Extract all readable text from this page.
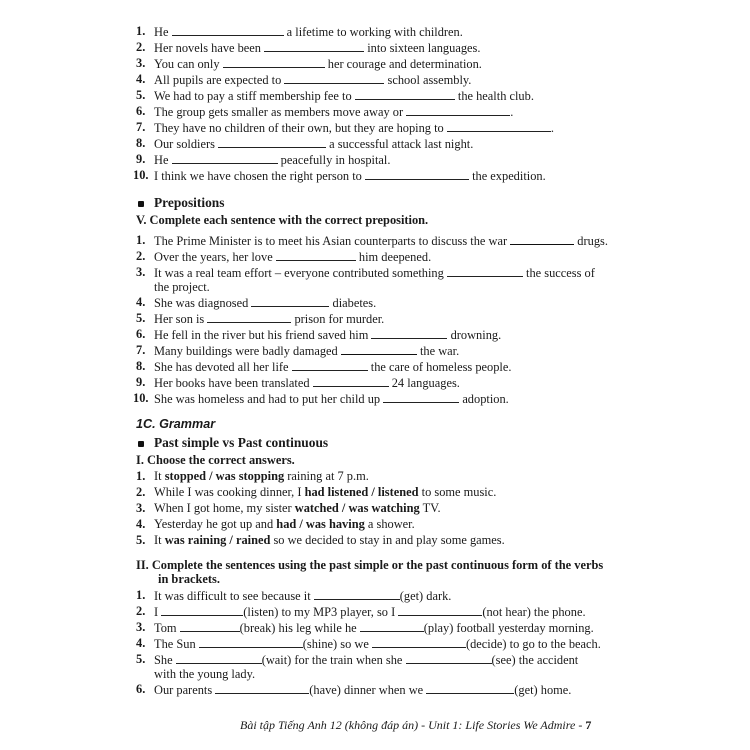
1. He	a lifetime to working with children.
2. Her novels have been	into sixteen languages.
3. You can only	her courage and determination.
4. All pupils are expected to	school assembly.
5. We had to pay a stiff membership fee to	the health club.
6. The group gets smaller as members move away or	.
7. They have no children of their own, but they are hoping to	.
8. Our soldiers	a successful attack last night.
9. He	peacefully in hospital.
10. I think we have chosen the right person to	the expedition.
Prepositions
V. Complete each sentence with the correct preposition.
1. The Prime Minister is to meet his Asian counterparts to discuss the war	drugs.
2. Over the years, her love	him deepened.
3. It was a real team effort – everyone contributed something	the success of
the project.
4. She was diagnosed	diabetes.
5. Her son is	prison for murder.
6. He fell in the river but his friend saved him	drowning.
7. Many buildings were badly damaged	the war.
8. She has devoted all her life	the care of homeless people.
9. Her books have been translated	24 languages.
10. She was homeless and had to put her child up	adoption.
1C. Grammar
Past simple vs Past continuous
I. Choose the correct answers.
1. It stopped / was stopping raining at 7 p.m.
2. While I was cooking dinner, I had listened / listened to some music.
3. When I got home, my sister watched / was watching TV.
4. Yesterday he got up and had / was having a shower.
5. It was raining / rained so we decided to stay in and play some games.
II. Complete the sentences using the past simple or the past continuous form of the verbs
in brackets.
1. It was difficult to see because it	(get) dark.
2. I	(listen) to my MP3 player, so I	(not hear) the phone.
3. Tom	(break) his leg while he	(play) football yesterday morning.
4. The Sun	(shine) so we	(decide) to go to the beach.
5. She	(wait) for the train when she	(see) the accident
with the young lady.
6. Our parents	(have) dinner when we	(get) home.
Bài tập Tiếng Anh 12 (không đáp án) - Unit 1: Life Stories We Admire - 7
